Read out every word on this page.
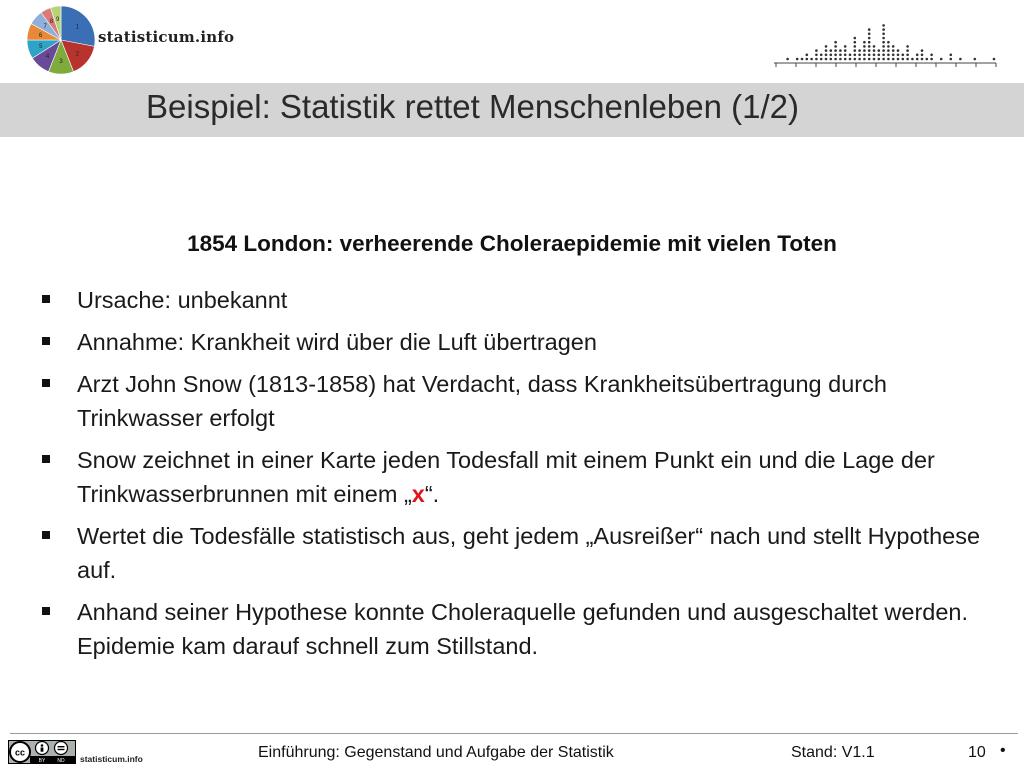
1
2
3
4
5
6
7
8 9
statisticum.info
Beispiel: Statistik rettet Menschenleben (1/2)
1854 London: verheerende Choleraepidemie mit vielen Toten
Ursache: unbekannt
Annahme: Krankheit wird über die Luft übertragen
Arzt John Snow (1813-1858) hat Verdacht, dass Krankheitsübertragung durch Trinkwasser erfolgt
Snow zeichnet in einer Karte jeden Todesfall mit einem Punkt ein und die Lage der Trinkwasserbrunnen mit einem „x“.
Wertet die Todesfälle statistisch aus, geht jedem „Ausreißer“ nach und stellt Hypothese auf.
Anhand seiner Hypothese konnte Choleraquelle gefunden und ausgeschaltet werden. Epidemie kam darauf schnell zum Stillstand.
cc
BY ND statisticum.info	Einführung: Gegenstand und Aufgabe der Statistik	Stand: V1.1	10 •
